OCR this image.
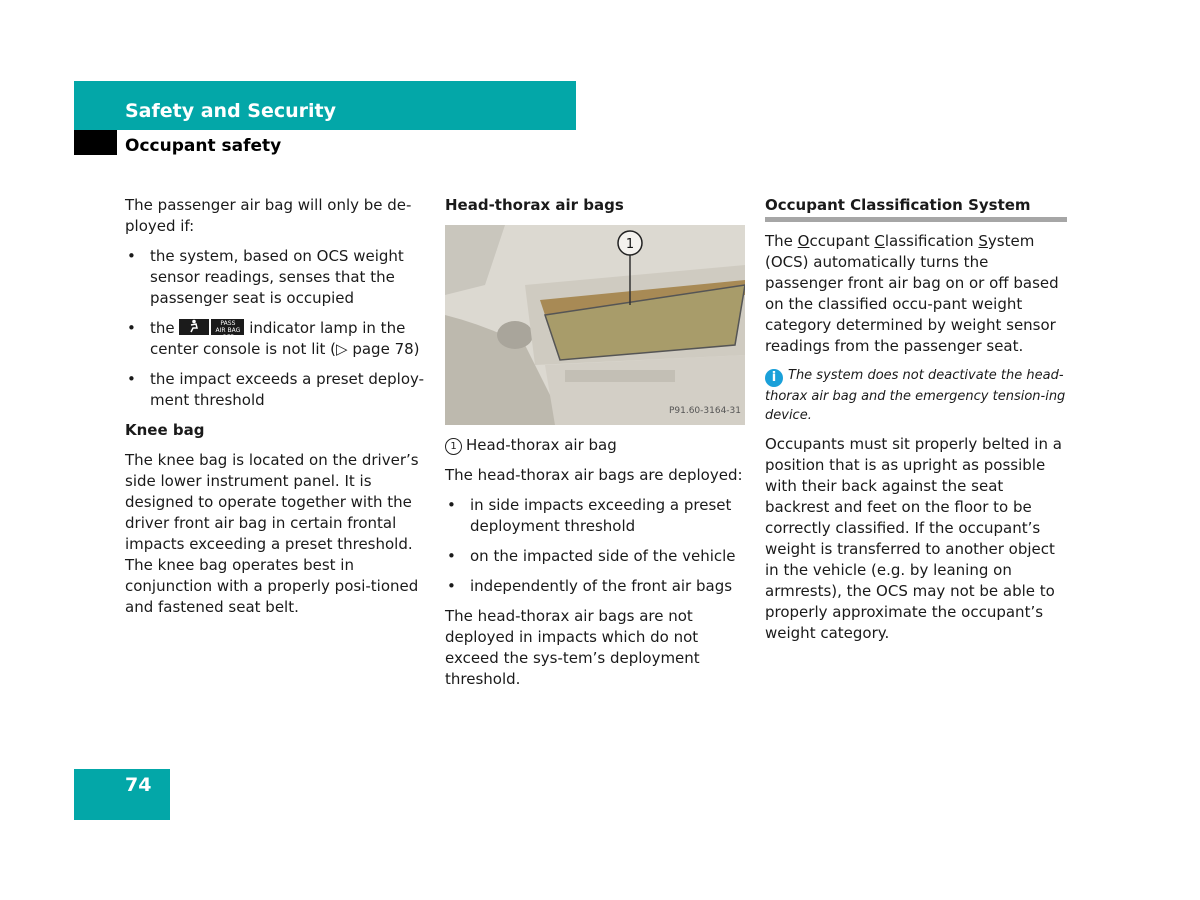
Safety and Security
Occupant safety

The passenger air bag will only be de-ployed if:

• the system, based on OCS weight sensor readings, senses that the passenger seat is occupied
• the	PASS
AIR BAG OFF indicator lamp in the center console is not lit (▷ page 78)
• the impact exceeds a preset deploy-ment threshold
Knee bag

The knee bag is located on the driver’s side lower instrument panel. It is designed to operate together with the driver front air bag in certain frontal impacts exceeding a preset threshold. The knee bag operates best in conjunction with a properly posi-tioned and fastened seat belt.

Head-thorax air bags
1
P91.60-3164-31

1 Head-thorax air bag

The head-thorax air bags are deployed:

• in side impacts exceeding a preset deployment threshold
• on the impacted side of the vehicle
• independently of the front air bags

The head-thorax air bags are not deployed in impacts which do not exceed the sys-tem’s deployment threshold.

Occupant Classification System

The Occupant Classification System (OCS) automatically turns the passenger front air bag on or off based on the classified occu-pant weight category determined by weight sensor readings from the passenger seat.

i The system does not deactivate the head-thorax air bag and the emergency tension-ing device.

Occupants must sit properly belted in a position that is as upright as possible with their back against the seat backrest and feet on the floor to be correctly classified. If the occupant’s weight is transferred to another object in the vehicle (e.g. by leaning on armrests), the OCS may not be able to properly approximate the occupant’s weight category.

74
